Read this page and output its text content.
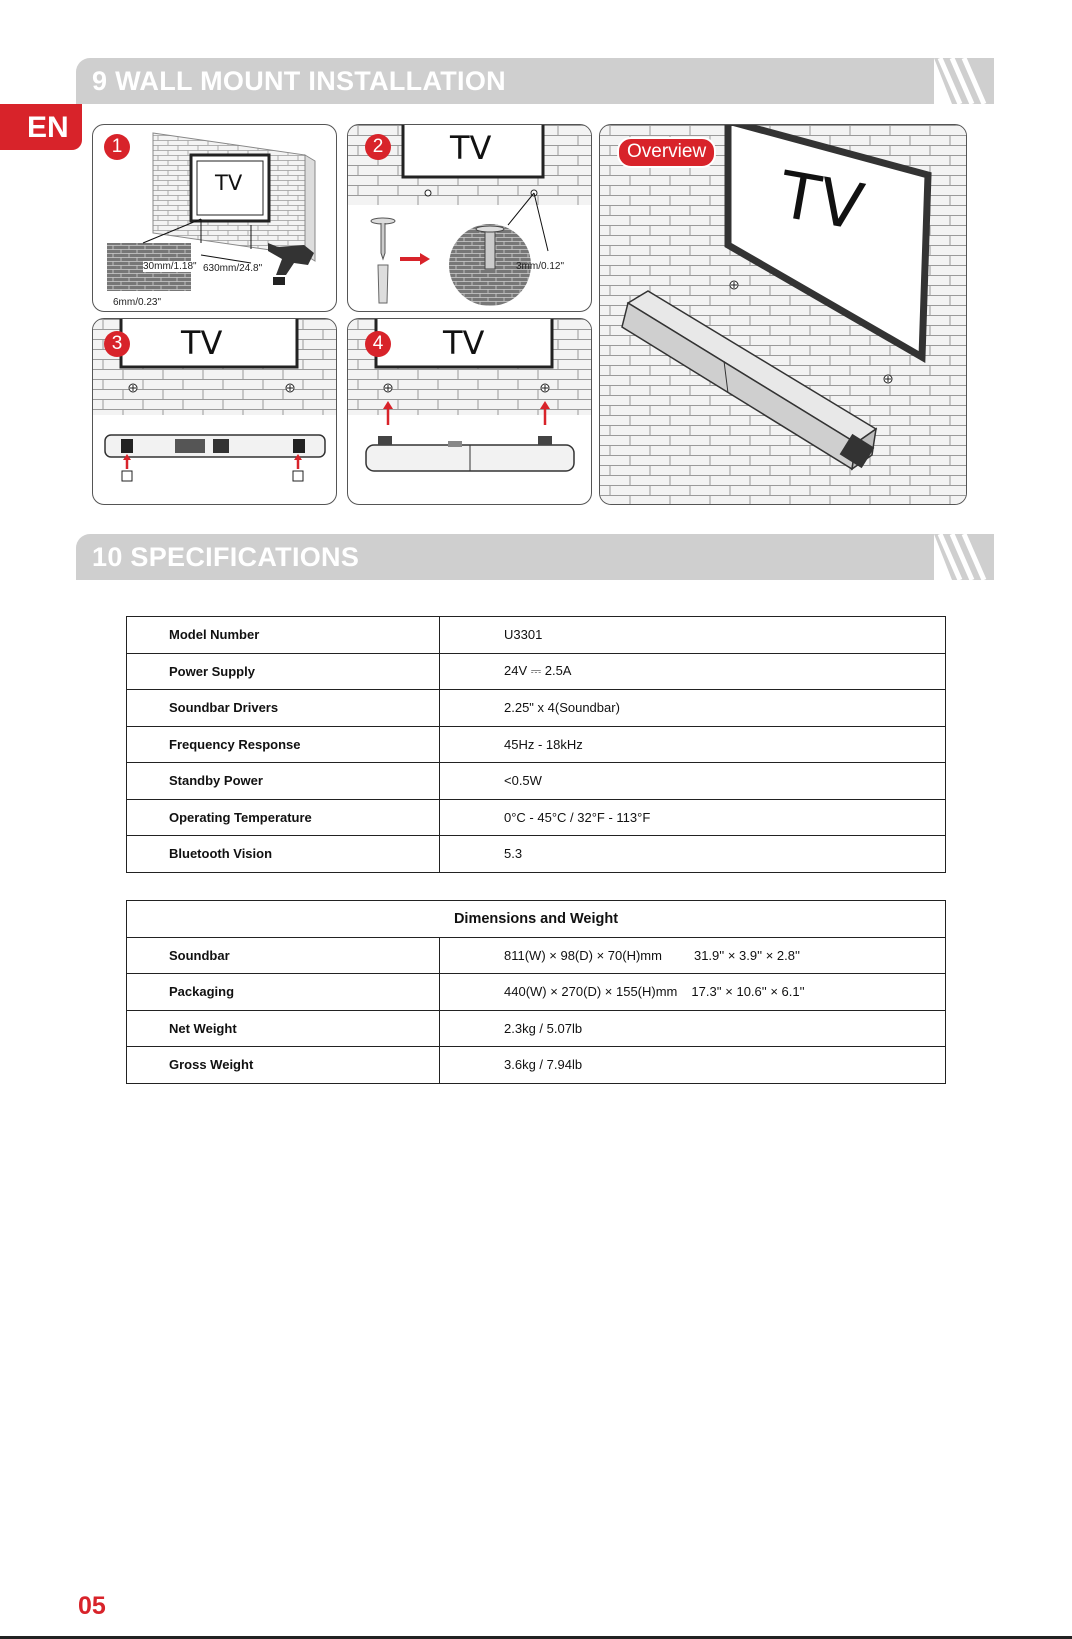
EN
9 WALL MOUNT INSTALLATION
1
TV
630mm/24.8"
30mm/1.18"
6mm/0.23"
2 TV
3mm/0.12"
3 TV	4 TV
Overview
TV
10 SPECIFICATIONS
Model Number	U3301
Power Supply	24V ⎓ 2.5A
Soundbar Drivers	2.25" x 4(Soundbar)
Frequency Response	45Hz - 18kHz
Standby Power	<0.5W
Operating Temperature	0°C - 45°C / 32°F - 113°F
Bluetooth Vision	5.3
Dimensions and Weight	
Soundbar	811(W) × 98(D) × 70(H)mm 31.9'' × 3.9'' × 2.8''
Packaging	440(W) × 270(D) × 155(H)mm 17.3'' × 10.6'' × 6.1''
Net Weight	2.3kg / 5.07lb
Gross Weight	3.6kg / 7.94lb
05
